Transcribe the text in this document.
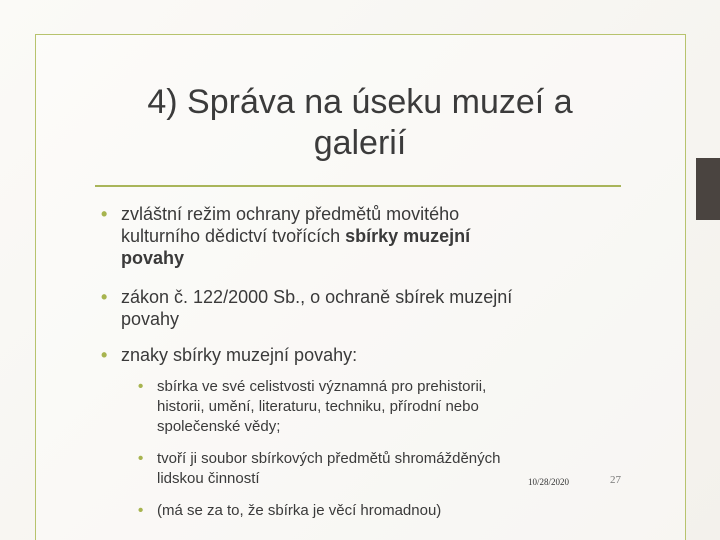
4) Správa na úseku muzeí a
galerií
• zvláštní režim ochrany předmětů movitého
kulturního dědictví tvořících sbírky muzejní
povahy
• zákon č. 122/2000 Sb., o ochraně sbírek muzejní
povahy
• znaky sbírky muzejní povahy:
• sbírka ve své celistvosti významná pro prehistorii,
historii, umění, literaturu, techniku, přírodní nebo
společenské vědy;
• tvoří ji soubor sbírkových předmětů shromážděných
lidskou činností
• (má se za to, že sbírka je věcí hromadnou)
10/28/2020	27
